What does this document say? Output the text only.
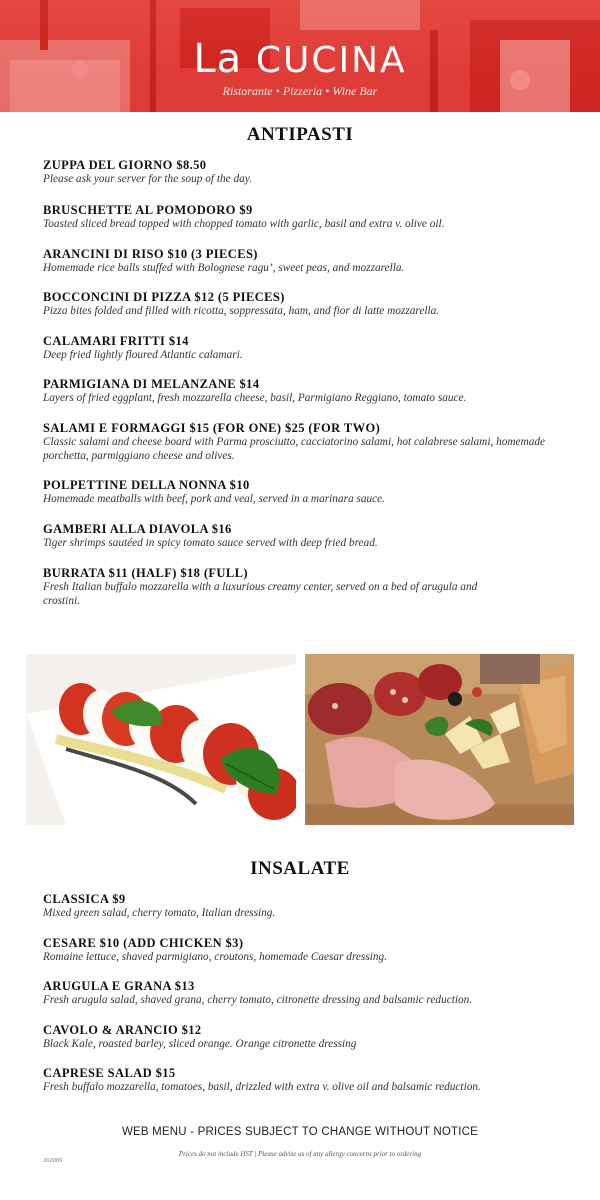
La CUCINA
Ristorante • Pizzeria • Wine Bar
ANTIPASTI
ZUPPA DEL GIORNO $8.50
Please ask your server for the soup of the day.
BRUSCHETTE AL POMODORO $9
Toasted sliced bread topped with chopped tomato with garlic, basil and extra v. olive oil.
ARANCINI DI RISO $10 (3 PIECES)
Homemade rice balls stuffed with Bolognese ragu’, sweet peas, and mozzarella.
BOCCONCINI DI PIZZA $12 (5 PIECES)
Pizza bites folded and filled with ricotta, soppressata, ham, and fior di latte mozzarella.
CALAMARI FRITTI $14
Deep fried lightly floured Atlantic calamari.
PARMIGIANA DI MELANZANE $14
Layers of fried eggplant, fresh mozzarella cheese, basil, Parmigiano Reggiano, tomato sauce.
SALAMI E FORMAGGI $15 (FOR ONE) $25 (FOR TWO)
Classic salami and cheese board with Parma prosciutto, cacciatorino salami, hot calabrese salami, homemade porchetta, parmiggiano cheese and olives.
POLPETTINE DELLA NONNA $10
Homemade meatballs with beef, pork and veal, served in a marinara sauce.
GAMBERI ALLA DIAVOLA $16
Tiger shrimps sautéed in spicy tomato sauce served with deep fried bread.
BURRATA $11 (HALF) $18 (FULL)
Fresh Italian buffalo mozzarella with a luxurious creamy center, served on a bed of arugula and crostini.
INSALATE
CLASSICA $9
Mixed green salad, cherry tomato, Italian dressing.
CESARE $10 (ADD CHICKEN $3)
Romaine lettuce, shaved parmigiano, croutons, homemade Caesar dressing.
ARUGULA E GRANA $13
Fresh arugula salad, shaved grana, cherry tomato, citronette dressing and balsamic reduction.
CAVOLO & ARANCIO $12
Black Kale, roasted barley, sliced orange. Orange citronette dressing
CAPRESE SALAD $15
Fresh buffalo mozzarella, tomatoes, basil, drizzled with extra v. olive oil and balsamic reduction.
WEB MENU - PRICES SUBJECT TO CHANGE WITHOUT NOTICE
Prices do not include HST | Please advise us of any allergy concerns prior to ordering
202009
